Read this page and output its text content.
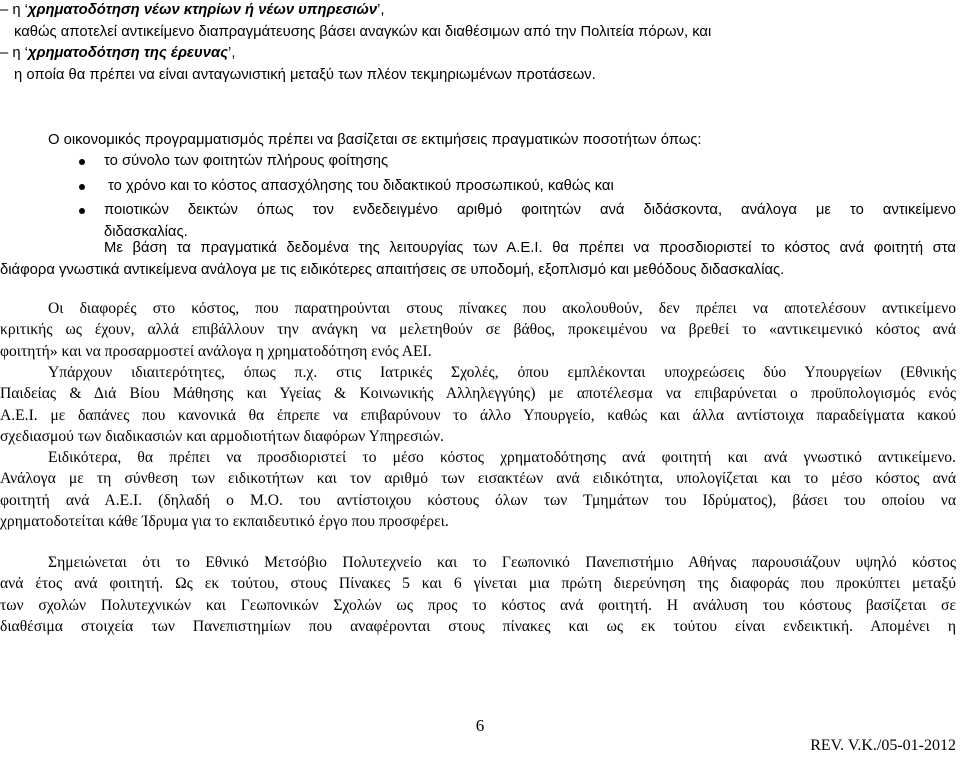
– η ‘χρηματοδότηση νέων κτηρίων ή νέων υπηρεσιών’,
καθώς αποτελεί αντικείμενο διαπραγμάτευσης βάσει αναγκών και διαθέσιμων από την Πολιτεία πόρων, και
– η ‘χρηματοδότηση της έρευνας’,
η οποία θα πρέπει να είναι ανταγωνιστική μεταξύ των πλέον τεκμηριωμένων προτάσεων.
Ο οικονομικός προγραμματισμός πρέπει να βασίζεται σε εκτιμήσεις πραγματικών ποσοτήτων όπως:
το σύνολο των φοιτητών πλήρους φοίτησης
το χρόνο και το κόστος απασχόλησης του διδακτικού προσωπικού, καθώς και
ποιοτικών δεικτών όπως τον ενδεδειγμένο αριθμό φοιτητών ανά διδάσκοντα, ανάλογα με το αντικείμενο
διδασκαλίας.
Με βάση τα πραγματικά δεδομένα της λειτουργίας των Α.Ε.Ι. θα πρέπει να προσδιοριστεί το κόστος ανά φοιτητή στα
διάφορα γνωστικά αντικείμενα ανάλογα με τις ειδικότερες απαιτήσεις σε υποδομή, εξοπλισμό και μεθόδους διδασκαλίας.
Οι διαφορές στο κόστος, που παρατηρούνται στους πίνακες που ακολουθούν, δεν πρέπει να αποτελέσουν αντικείμενο
κριτικής ως έχουν, αλλά επιβάλλουν την ανάγκη να μελετηθούν σε βάθος, προκειμένου να βρεθεί το «αντικειμενικό κόστος ανά
φοιτητή» και να προσαρμοστεί ανάλογα η χρηματοδότηση ενός ΑΕΙ.
Υπάρχουν ιδιαιτερότητες, όπως π.χ. στις Ιατρικές Σχολές, όπου εμπλέκονται υποχρεώσεις δύο Υπουργείων (Εθνικής
Παιδείας & Διά Βίου Μάθησης και Υγείας & Κοινωνικής Αλληλεγγύης) με αποτέλεσμα να επιβαρύνεται ο προϋπολογισμός ενός
Α.Ε.Ι. με δαπάνες που κανονικά θα έπρεπε να επιβαρύνουν το άλλο Υπουργείο, καθώς και άλλα αντίστοιχα παραδείγματα κακού
σχεδιασμού των διαδικασιών και αρμοδιοτήτων διαφόρων Υπηρεσιών.
Ειδικότερα, θα πρέπει να προσδιοριστεί το μέσο κόστος χρηματοδότησης ανά φοιτητή και ανά γνωστικό αντικείμενο.
Ανάλογα με τη σύνθεση των ειδικοτήτων και τον αριθμό των εισακτέων ανά ειδικότητα, υπολογίζεται και το μέσο κόστος ανά
φοιτητή ανά Α.Ε.Ι. (δηλαδή ο Μ.Ο. του αντίστοιχου κόστους όλων των Τμημάτων του Ιδρύματος), βάσει του οποίου να
χρηματοδοτείται κάθε Ίδρυμα για το εκπαιδευτικό έργο που προσφέρει.
Σημειώνεται ότι το Εθνικό Μετσόβιο Πολυτεχνείο και το Γεωπονικό Πανεπιστήμιο Αθήνας παρουσιάζουν υψηλό κόστος
ανά έτος ανά φοιτητή. Ως εκ τούτου, στους Πίνακες 5 και 6 γίνεται μια πρώτη διερεύνηση της διαφοράς που προκύπτει μεταξύ
των σχολών Πολυτεχνικών και Γεωπονικών Σχολών ως προς το κόστος ανά φοιτητή. Η ανάλυση του κόστους βασίζεται σε
διαθέσιμα στοιχεία των Πανεπιστημίων που αναφέρονται στους πίνακες και ως εκ τούτου είναι ενδεικτική. Απομένει η
6
REV. V.K./05-01-2012
